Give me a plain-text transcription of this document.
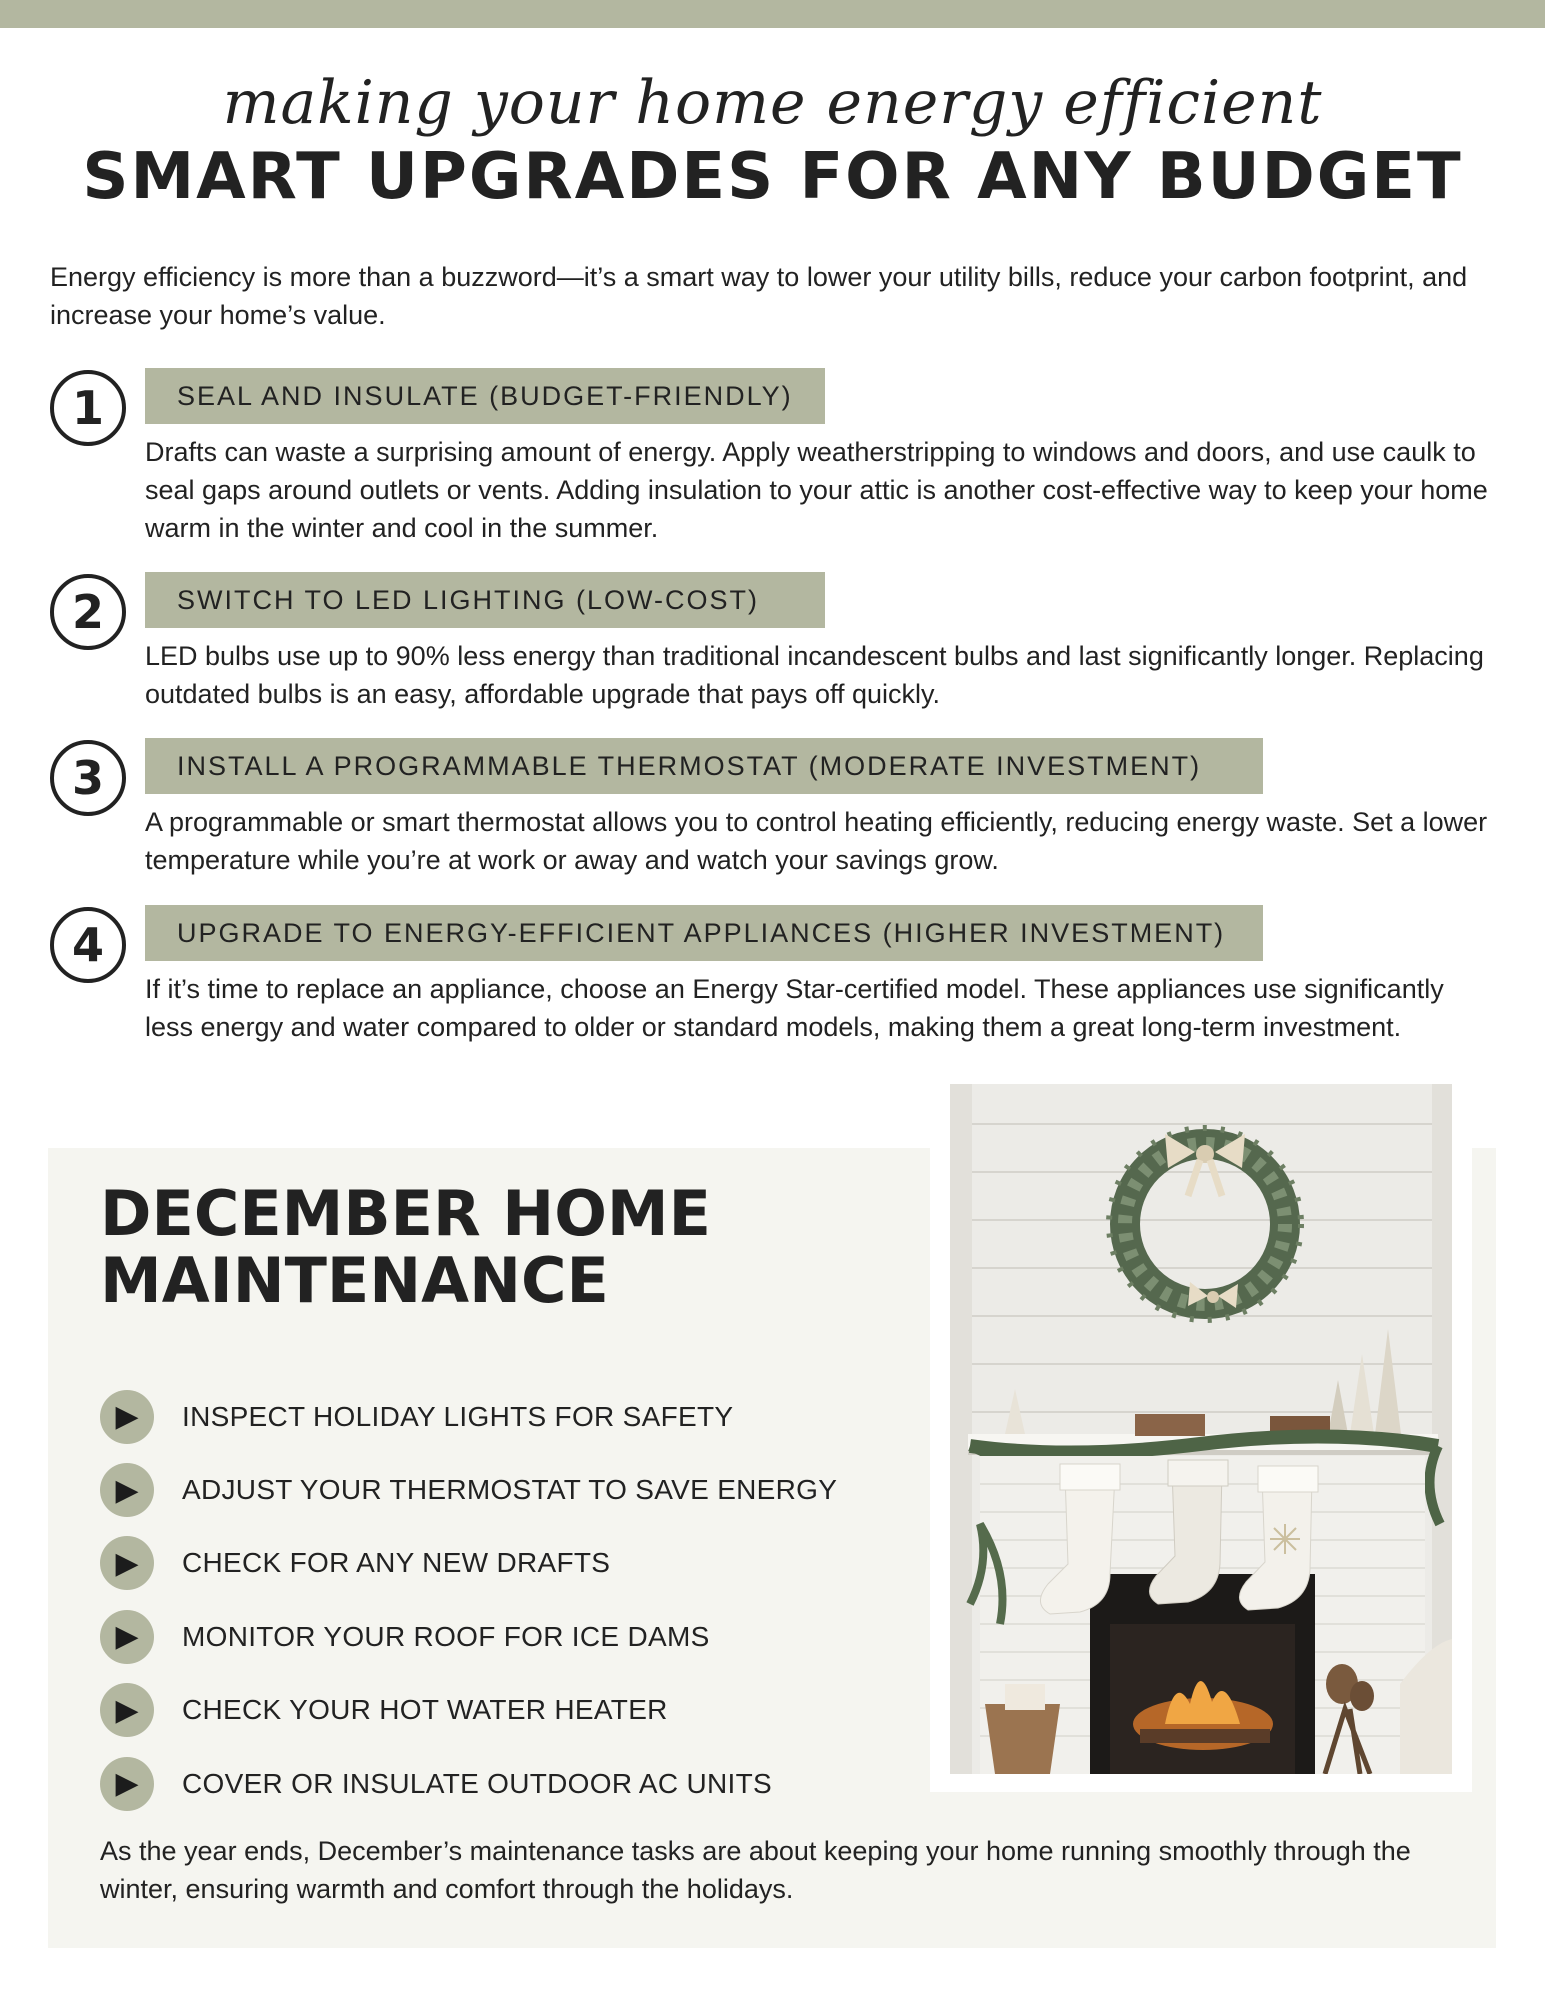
making your home energy efficient
SMART UPGRADES FOR ANY BUDGET

Energy efficiency is more than a buzzword—it’s a smart way to lower your utility bills, reduce your carbon footprint, and increase your home’s value.

1	SEAL AND INSULATE (BUDGET-FRIENDLY)

Drafts can waste a surprising amount of energy. Apply weatherstripping to windows and doors, and use caulk to seal gaps around outlets or vents. Adding insulation to your attic is another cost-effective way to keep your home warm in the winter and cool in the summer.

2	SWITCH TO LED LIGHTING (LOW-COST)

LED bulbs use up to 90% less energy than traditional incandescent bulbs and last significantly longer. Replacing outdated bulbs is an easy, affordable upgrade that pays off quickly.

3	INSTALL A PROGRAMMABLE THERMOSTAT (MODERATE INVESTMENT)

A programmable or smart thermostat allows you to control heating efficiently, reducing energy waste. Set a lower temperature while you’re at work or away and watch your savings grow.

4	UPGRADE TO ENERGY-EFFICIENT APPLIANCES (HIGHER INVESTMENT)

If it’s time to replace an appliance, choose an Energy Star-certified model. These appliances use significantly less energy and water compared to older or standard models, making them a great long-term investment.

DECEMBER HOME MAINTENANCE
▶	INSPECT HOLIDAY LIGHTS FOR SAFETY
▶	ADJUST YOUR THERMOSTAT TO SAVE ENERGY
▶	CHECK FOR ANY NEW DRAFTS
▶	MONITOR YOUR ROOF FOR ICE DAMS
▶	CHECK YOUR HOT WATER HEATER
▶	COVER OR INSULATE OUTDOOR AC UNITS

As the year ends, December’s maintenance tasks are about keeping your home running smoothly through the winter, ensuring warmth and comfort through the holidays.
